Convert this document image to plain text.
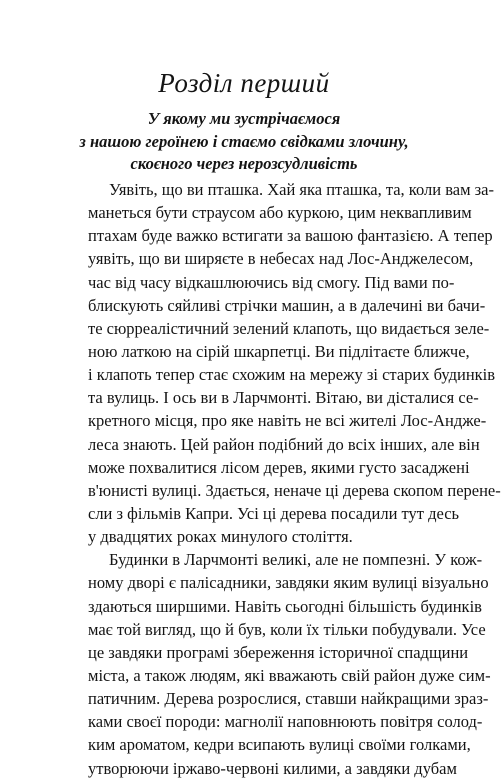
Розділ перший
У якому ми зустрічаємося
з нашою героїнею і стаємо свідками злочину,
скоєного через нерозсудливість
Уявіть, що ви пташка. Хай яка пташка, та, коли вам за-
манеться бути страусом або куркою, цим неквапливим
птахам буде важко встигати за вашою фантазією. А тепер
уявіть, що ви ширяєте в небесах над Лос-Анджелесом,
час від часу відкашлюючись від смогу. Під вами по-
блискують сяйливі стрічки машин, а в далечині ви бачи-
те сюрреалістичний зелений клапоть, що видається зеле-
ною латкою на сірій шкарпетці. Ви підлітаєте ближче,
і клапоть тепер стає схожим на мережу зі старих будинків
та вулиць. І ось ви в Ларчмонті. Вітаю, ви дісталися се-
кретного місця, про яке навіть не всі жителі Лос-Андже-
леса знають. Цей район подібний до всіх інших, але він
може похвалитися лісом дерев, якими густо засаджені
в'юнисті вулиці. Здається, неначе ці дерева скопом перене-
сли з фільмів Капри. Усі ці дерева посадили тут десь
у двадцятих роках минулого століття.
Будинки в Ларчмонті великі, але не помпезні. У кож-
ному дворі є палісадники, завдяки яким вулиці візуально
здаються ширшими. Навіть сьогодні більшість будинків
має той вигляд, що й був, коли їх тільки побудували. Усе
це завдяки програмі збереження історичної спадщини
міста, а також людям, які вважають свій район дуже сим-
патичним. Дерева розрослися, ставши найкращими зраз-
ками своєї породи: магнолії наповнюють повітря солод-
ким ароматом, кедри всипають вулиці своїми голками,
утворюючи іржаво-червоні килими, а завдяки дубам
